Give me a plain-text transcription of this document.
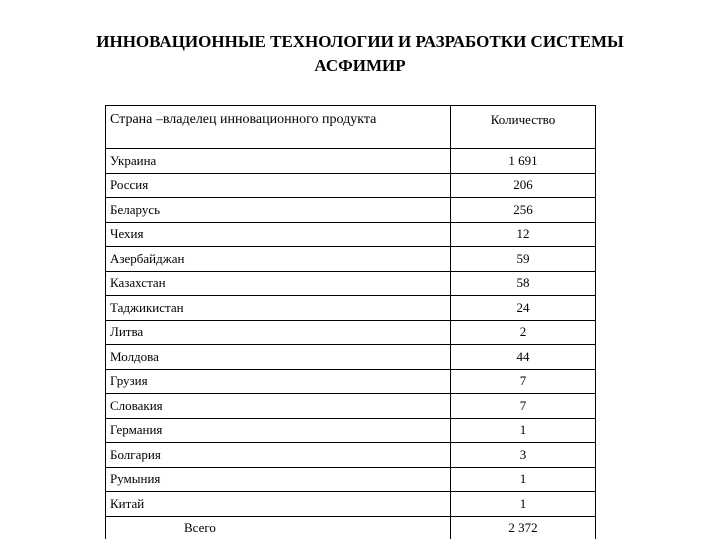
ИННОВАЦИОННЫЕ ТЕХНОЛОГИИ И РАЗРАБОТКИ СИСТЕМЫ
АСФИМИР
Страна –владелец инновационного продукта	Количество
Украина	1 691
Россия	206
Беларусь	256
Чехия	12
Азербайджан	59
Казахстан	58
Таджикистан	24
Литва	2
Молдова	44
Грузия	7
Словакия	7
Германия	1
Болгария	3
Румыния	1
Китай	1
Всего	2 372
